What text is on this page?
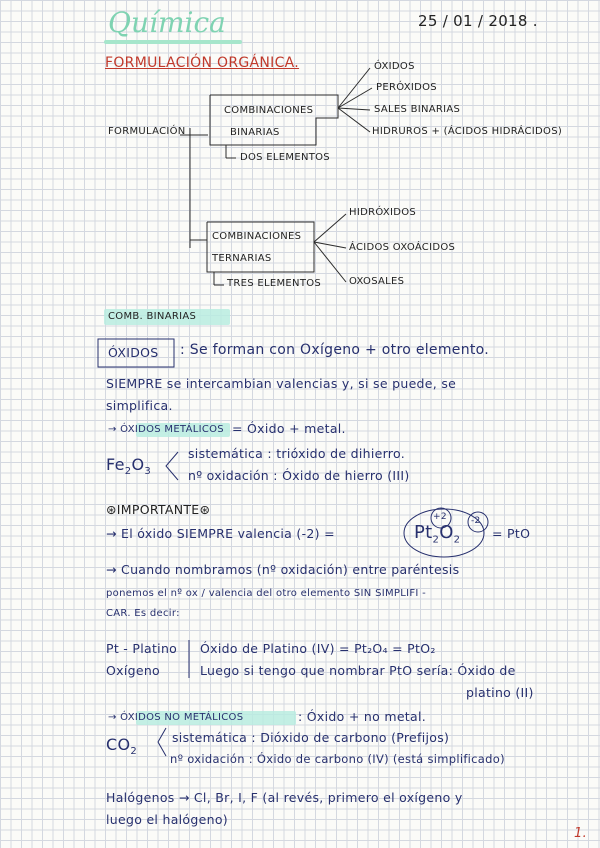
Química	25 / 01 / 2018 .
FORMULACIÓN ORGÁNICA.
FORMULACIÓN
COMBINACIONES
BINARIAS
DOS ELEMENTOS
ÓXIDOS
PERÓXIDOS
SALES BINARIAS
HIDRUROS + (ÁCIDOS HIDRÁCIDOS)
COMBINACIONES
TERNARIAS
TRES ELEMENTOS
HIDRÓXIDOS
ÁCIDOS OXOÁCIDOS
OXOSALES
COMB. BINARIAS
ÓXIDOS : Se forman con Oxígeno + otro elemento.
SIEMPRE se intercambian valencias y, si se puede, se
simplifica.
→ ÓXIDOS METÁLICOS = Óxido + metal.
$Fe_2O_3$
sistemática : trióxido de dihierro.
nº oxidación : Óxido de hierro (III)
⊛IMPORTANTE⊛
→ El óxido SIEMPRE valencia (-2) =	$Pt_2O_2$
+2	-2
= PtO
→ Cuando nombramos (nº oxidación) entre paréntesis
ponemos el nº ox / valencia del otro elemento SIN SIMPLIFI -
CAR. Es decir:
Pt - Platino
Oxígeno
Óxido de Platino (IV) = Pt₂O₄ = PtO₂
Luego si tengo que nombrar PtO sería: Óxido de
platino (II)
→ ÓXIDOS NO METÁLICOS	: Óxido + no metal.
$CO_2$
sistemática : Dióxido de carbono (Prefijos)
nº oxidación : Óxido de carbono (IV) (está simplificado)
Halógenos → Cl, Br, I, F (al revés, primero el oxígeno y
luego el halógeno)
1.
